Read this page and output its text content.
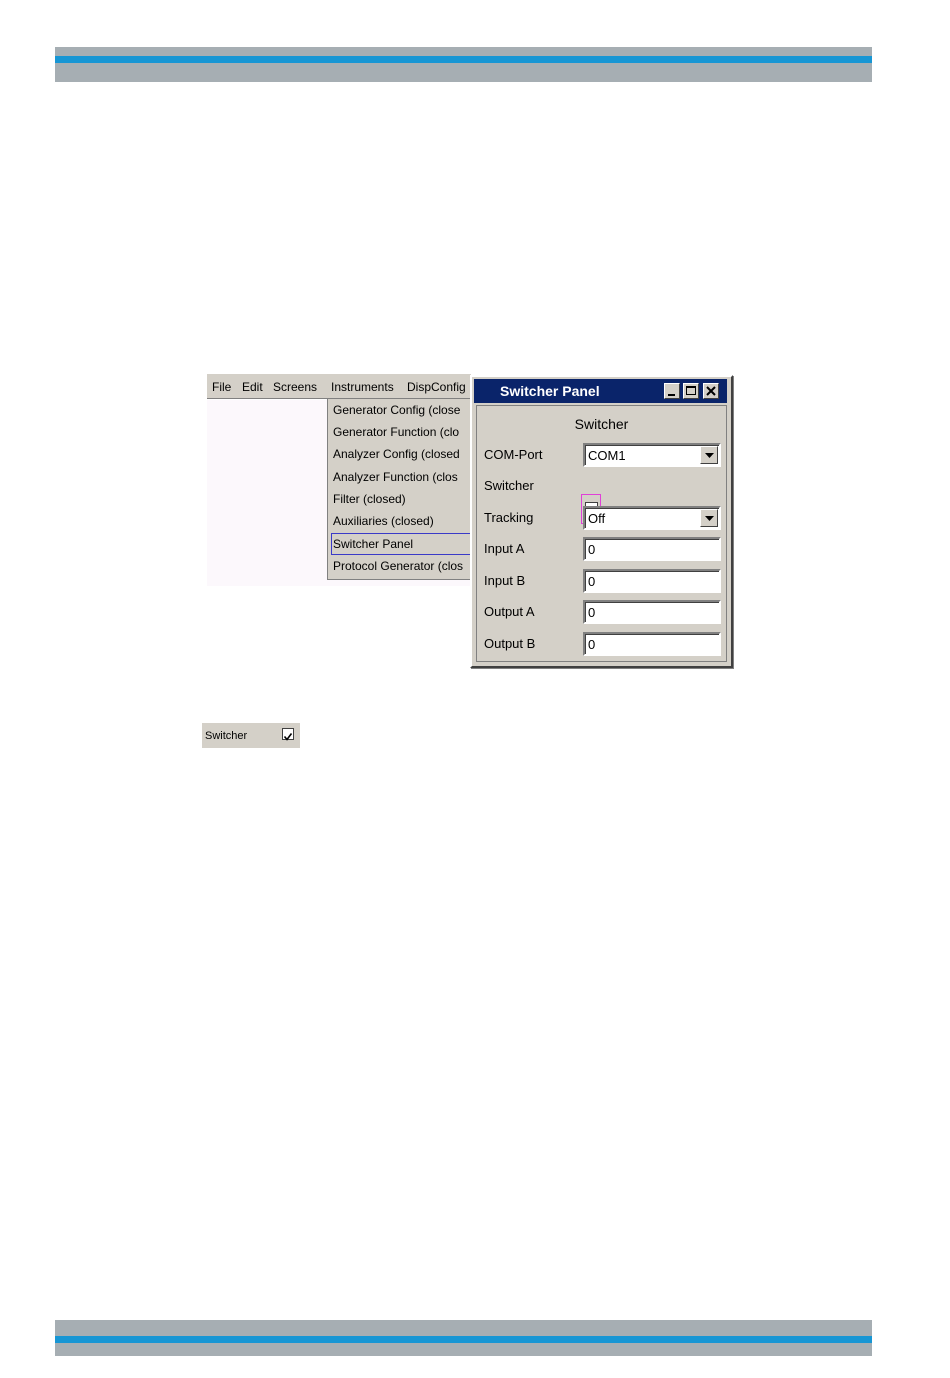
File Edit Screens Instruments DispConfig
Generator Config (close
Generator Function (clo
Analyzer Config (closed
Analyzer Function (clos
Filter (closed)
Auxiliaries (closed)
Switcher Panel
Protocol Generator (clos
Switcher Panel
Switcher
COM-Port	COM1
Switcher
Tracking	Off
Input A	0
Input B	0
Output A	0
Output B	0
Switcher
